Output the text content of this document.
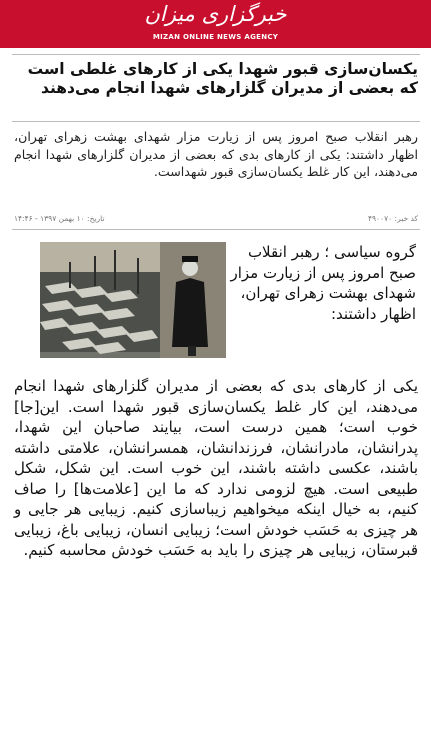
خبرگزاری میزان
MIZAN ONLINE NEWS AGENCY
یکسان‌سازی قبور شهدا یکی از کارهای غلطی است که بعضی از مدیران گلزارهای شهدا انجام می‌دهند
رهبر انقلاب صبح امروز پس از زیارت مزار شهدای بهشت زهرای تهران، اظهار داشتند: یکی از کارهای بدی که بعضی از مدیران گلزارهای شهدا انجام می‌دهند، این کار غلط یکسان‌سازی قبور شهداست.
کد خبر: ۴۹۰۰۷۰
تاریخ: ۱۰ بهمن ۱۳۹۷ - ۱۴:۴۶
گروه سیاسی ؛ رهبر انقلاب صبح امروز پس از زیارت مزار شهدای بهشت زهرای تهران، اظهار داشتند:
یکی از کارهای بدی که بعضی از مدیران گلزارهای شهدا انجام می‌دهند، این کار غلط یکسان‌سازی قبور شهدا است. این[جا] خوب است؛ همین درست است، بیایند صاحبان این شهدا، پدرانشان، مادرانشان، فرزندانشان، همسرانشان، علامتی داشته باشند، عکسی داشته باشند، این خوب است. این شکل، شکل طبیعی است. هیچ لزومی ندارد که ما این [علامت‌ها] را صاف کنیم، به خیال اینکه میخواهیم زیباسازی کنیم. زیبایی هر جایی و هر چیزی به حَسَب خودش است؛ زیبایی انسان، زیبایی باغ، زیبایی قبرستان، زیبایی هر چیزی را باید به حَسَب خودش محاسبه کنیم.
